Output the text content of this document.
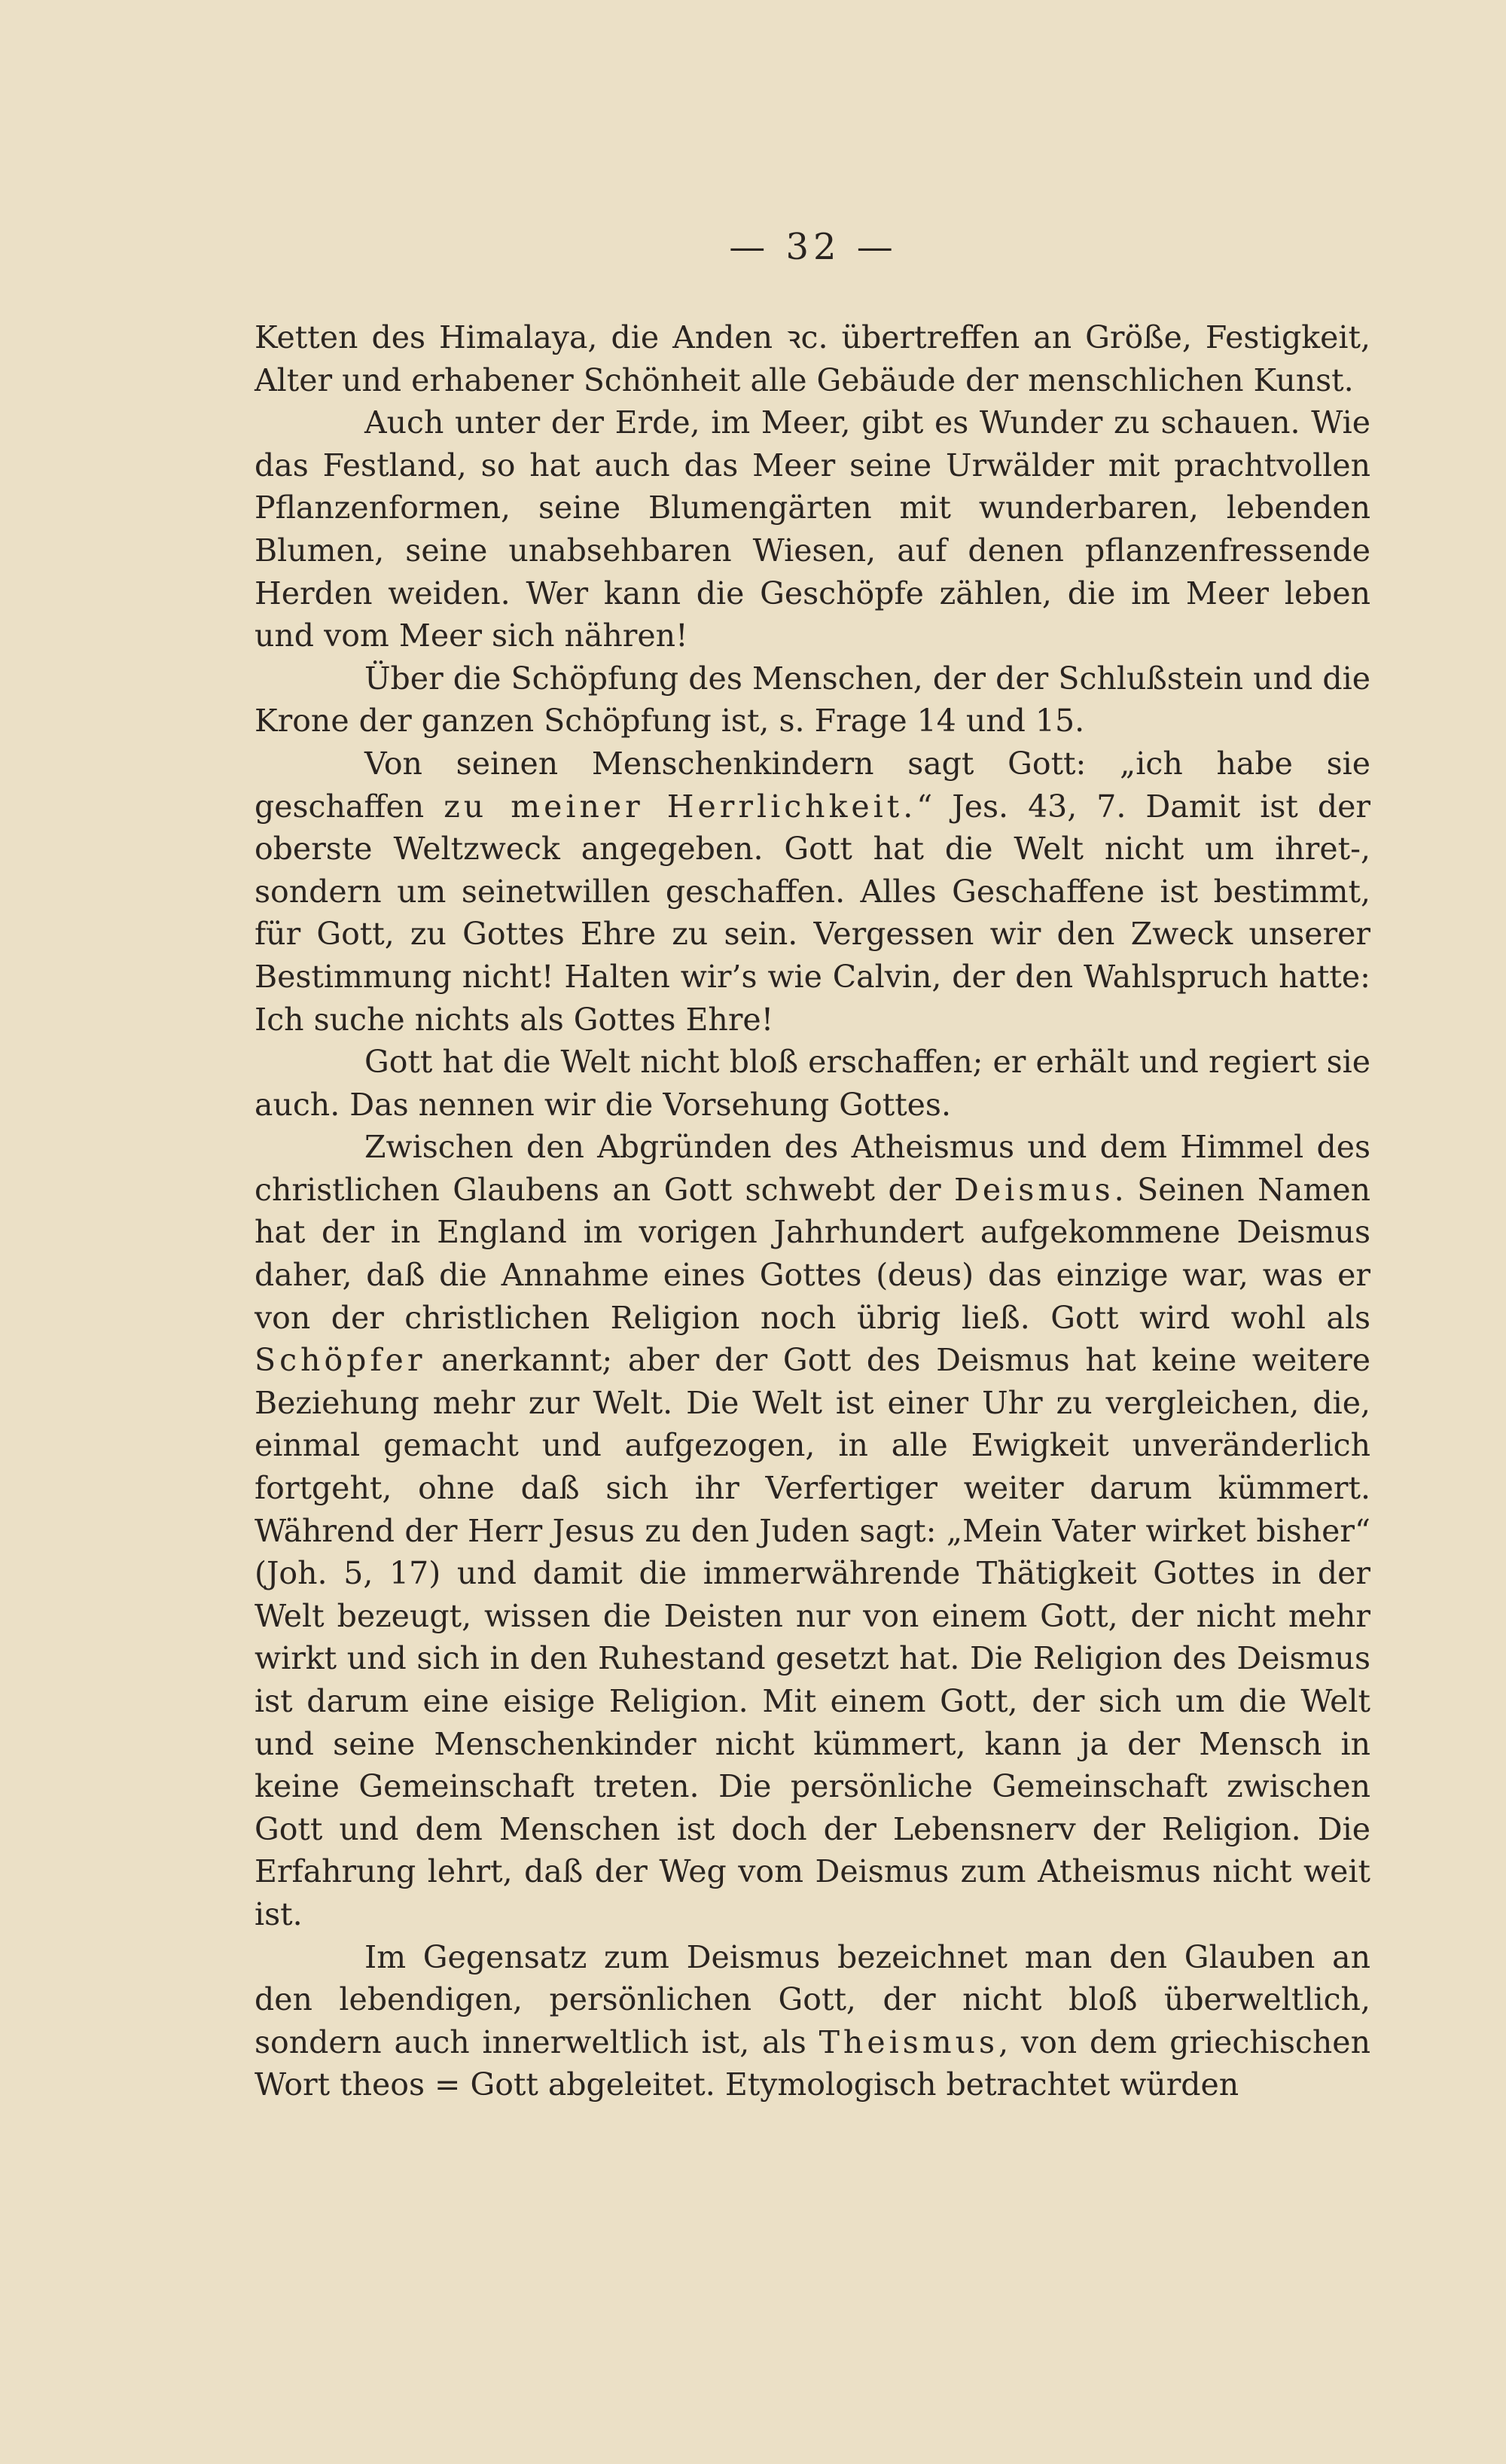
— 32 —

Ketten des Himalaya, die Anden ꝛc. übertreffen an Größe, Festigkeit, Alter und erhabener Schönheit alle Gebäude der menschlichen Kunst.

Auch unter der Erde, im Meer, gibt es Wunder zu schauen. Wie das Festland, so hat auch das Meer seine Urwälder mit prachtvollen Pflanzenformen, seine Blumengärten mit wunderbaren, lebenden Blumen, seine unabsehbaren Wiesen, auf denen pflanzenfressende Herden weiden. Wer kann die Geschöpfe zählen, die im Meer leben und vom Meer sich nähren!

Über die Schöpfung des Menschen, der der Schlußstein und die Krone der ganzen Schöpfung ist, s. Frage 14 und 15.

Von seinen Menschenkindern sagt Gott: „ich habe sie geschaffen zu meiner Herrlichkeit.“ Jes. 43, 7. Damit ist der oberste Weltzweck angegeben. Gott hat die Welt nicht um ihret-, sondern um seinetwillen geschaffen. Alles Geschaffene ist bestimmt, für Gott, zu Gottes Ehre zu sein. Vergessen wir den Zweck unserer Bestimmung nicht! Halten wir’s wie Calvin, der den Wahlspruch hatte: Ich suche nichts als Gottes Ehre!

Gott hat die Welt nicht bloß erschaffen; er erhält und regiert sie auch. Das nennen wir die Vorsehung Gottes.

Zwischen den Abgründen des Atheismus und dem Himmel des christlichen Glaubens an Gott schwebt der Deismus. Seinen Namen hat der in England im vorigen Jahrhundert aufgekommene Deismus daher, daß die Annahme eines Gottes (deus) das einzige war, was er von der christlichen Religion noch übrig ließ. Gott wird wohl als Schöpfer anerkannt; aber der Gott des Deismus hat keine weitere Beziehung mehr zur Welt. Die Welt ist einer Uhr zu vergleichen, die, einmal gemacht und aufgezogen, in alle Ewigkeit unveränderlich fortgeht, ohne daß sich ihr Verfertiger weiter darum kümmert. Während der Herr Jesus zu den Juden sagt: „Mein Vater wirket bisher“ (Joh. 5, 17) und damit die immerwährende Thätigkeit Gottes in der Welt bezeugt, wissen die Deisten nur von einem Gott, der nicht mehr wirkt und sich in den Ruhestand gesetzt hat. Die Religion des Deismus ist darum eine eisige Religion. Mit einem Gott, der sich um die Welt und seine Menschenkinder nicht kümmert, kann ja der Mensch in keine Gemeinschaft treten. Die persönliche Gemeinschaft zwischen Gott und dem Menschen ist doch der Lebensnerv der Religion. Die Erfahrung lehrt, daß der Weg vom Deismus zum Atheismus nicht weit ist.

Im Gegensatz zum Deismus bezeichnet man den Glauben an den lebendigen, persönlichen Gott, der nicht bloß überweltlich, sondern auch innerweltlich ist, als Theismus, von dem griechischen Wort theos = Gott abgeleitet. Etymologisch betrachtet würden
